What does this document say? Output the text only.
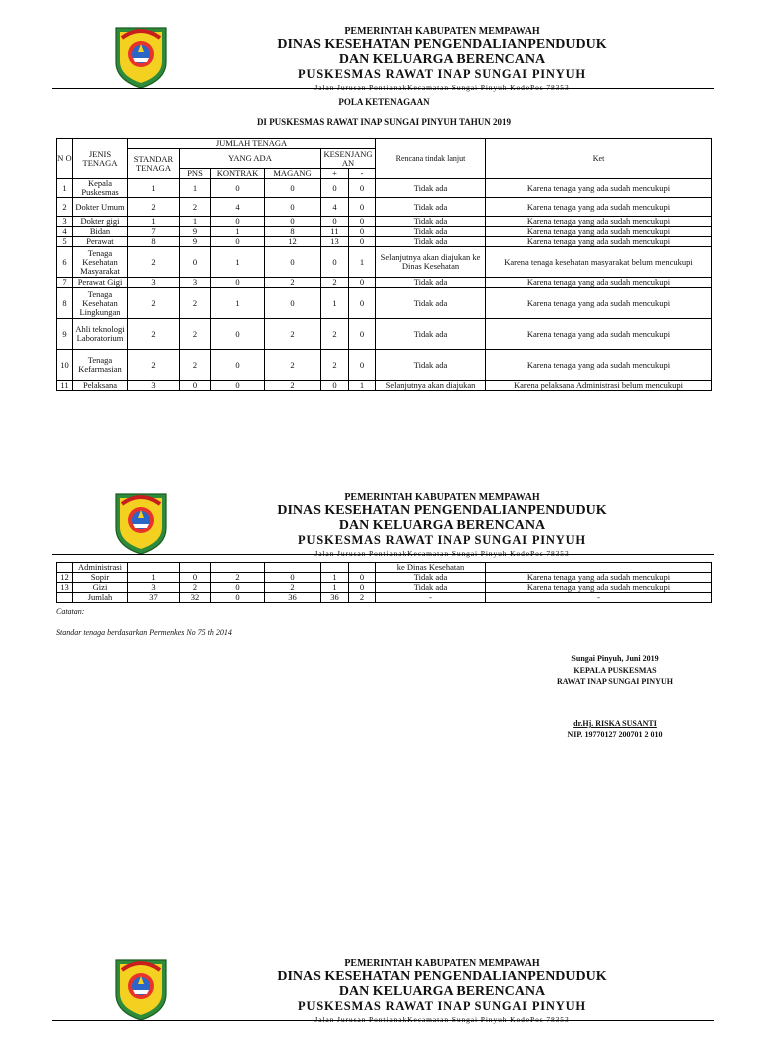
PEMERINTAH KABUPATEN MEMPAWAH
DINAS KESEHATAN PENGENDALIANPENDUDUK
DAN KELUARGA BERENCANA
PUSKESMAS RAWAT INAP SUNGAI PINYUH
Jalan Jurusan PontianakKecamatan Sungai Pinyuh KodePos 78353
POLA KETENAGAAN
DI PUSKESMAS RAWAT INAP SUNGAI PINYUH TAHUN 2019
N O	JENIS TENAGA	JUMLAH TENAGA						Rencana tindak lanjut	Ket
		STANDAR TENAGA	YANG ADA			KESENJANG AN			
			PNS	KONTRAK	MAGANG	+	-		
1	Kepala Puskesmas	1	1	0	0	0	0	Tidak ada	Karena tenaga yang ada sudah mencukupi
2	Dokter Umum	2	2	4	0	4	0	Tidak ada	Karena tenaga yang ada sudah mencukupi
3	Dokter gigi	1	1	0	0	0	0	Tidak ada	Karena tenaga yang ada sudah mencukupi
4	Bidan	7	9	1	8	11	0	Tidak ada	Karena tenaga yang ada sudah mencukupi
5	Perawat	8	9	0	12	13	0	Tidak ada	Karena tenaga yang ada sudah mencukupi
6	Tenaga Kesehatan Masyarakat	2	0	1	0	0	1	Selanjutnya akan diajukan ke Dinas Kesehatan	Karena tenaga kesehatan masyarakat belum mencukupi
7	Perawat Gigi	3	3	0	2	2	0	Tidak ada	Karena tenaga yang ada sudah mencukupi
8	Tenaga Kesehatan Lingkungan	2	2	1	0	1	0	Tidak ada	Karena tenaga yang ada sudah mencukupi
9	Ahli teknologi Laboratorium	2	2	0	2	2	0	Tidak ada	Karena tenaga yang ada sudah mencukupi
10	Tenaga Kefarmasian	2	2	0	2	2	0	Tidak ada	Karena tenaga yang ada sudah mencukupi
11	Pelaksana	3	0	0	2	0	1	Selanjutnya akan diajukan	Karena pelaksana Administrasi belum mencukupi
PEMERINTAH KABUPATEN MEMPAWAH
DINAS KESEHATAN PENGENDALIANPENDUDUK
DAN KELUARGA BERENCANA
PUSKESMAS RAWAT INAP SUNGAI PINYUH
Jalan Jurusan PontianakKecamatan Sungai Pinyuh KodePos 78353
	Administrasi							ke Dinas Kesehatan	
12	Sopir	1	0	2	0	1	0	Tidak ada	Karena tenaga yang ada sudah mencukupi
13	Gizi	3	2	0	2	1	0	Tidak ada	Karena tenaga yang ada sudah mencukupi
	Jumlah	37	32	0	36	36	2	-	-
Catatan:
Standar tenaga berdasarkan Permenkes No 75 th 2014
Sungai Pinyuh, Juni 2019
KEPALA PUSKESMAS
RAWAT INAP SUNGAI PINYUH
dr.Hj. RISKA SUSANTI
NIP. 19770127 200701 2 010
PEMERINTAH KABUPATEN MEMPAWAH
DINAS KESEHATAN PENGENDALIANPENDUDUK
DAN KELUARGA BERENCANA
PUSKESMAS RAWAT INAP SUNGAI PINYUH
Jalan Jurusan PontianakKecamatan Sungai Pinyuh KodePos 78353
